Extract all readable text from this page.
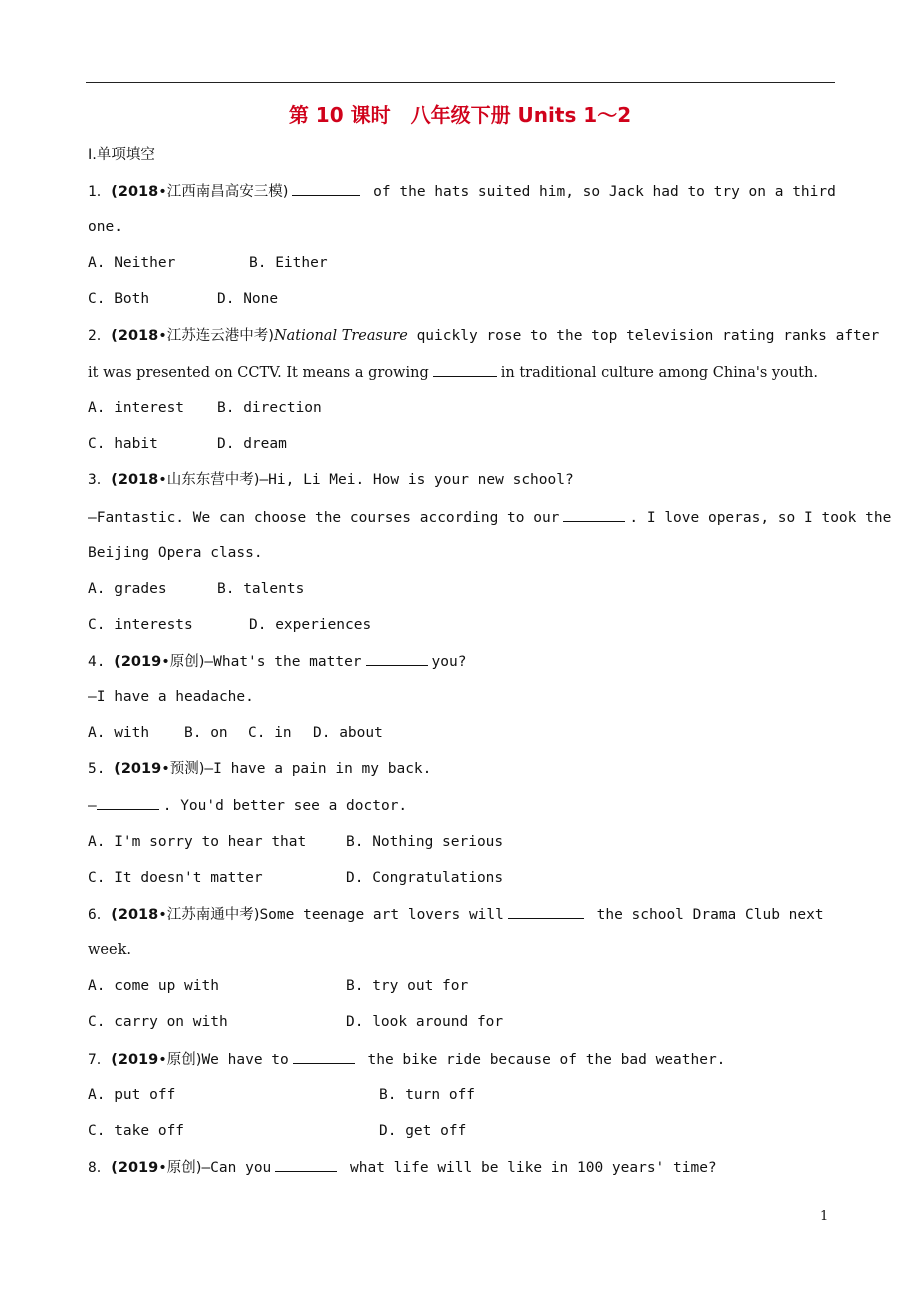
第 10 课时　八年级下册 Units 1～2
Ⅰ.单项填空
1．(2018•江西南昌高安三模)	of the hats suited him, so Jack had to try on a third
one.
A. Neither	B. Either
C. Both	D. None
2．(2018•江苏连云港中考)National Treasure quickly rose to the top television rating ranks after
it was presented on CCTV. It means a growing	in traditional culture among China's youth.
A. interest B. direction
C. habit	D. dream
3．(2018•山东东营中考)—Hi, Li Mei. How is your new school?
—Fantastic. We can choose the courses according to our	. I love operas, so I took the
Beijing Opera class.
A. grades	B. talents
C. interests	D. experiences
4. (2019•原创)—What's the matter	you?
—I have a headache.
A. with B. on C. in D. about
5. (2019•预测)—I have a pain in my back.
—	. You'd better see a doctor.
A. I'm sorry to hear that	B. Nothing serious
C. It doesn't matter	D. Congratulations
6．(2018•江苏南通中考)Some teenage art lovers will	the school Drama Club next
week.
A. come up with	B. try out for
C. carry on with	D. look around for
7．(2019•原创)We have to	the bike ride because of the bad weather.
A. put off	B. turn off
C. take off	D. get off
8．(2019•原创)—Can you	what life will be like in 100 years' time?
1
